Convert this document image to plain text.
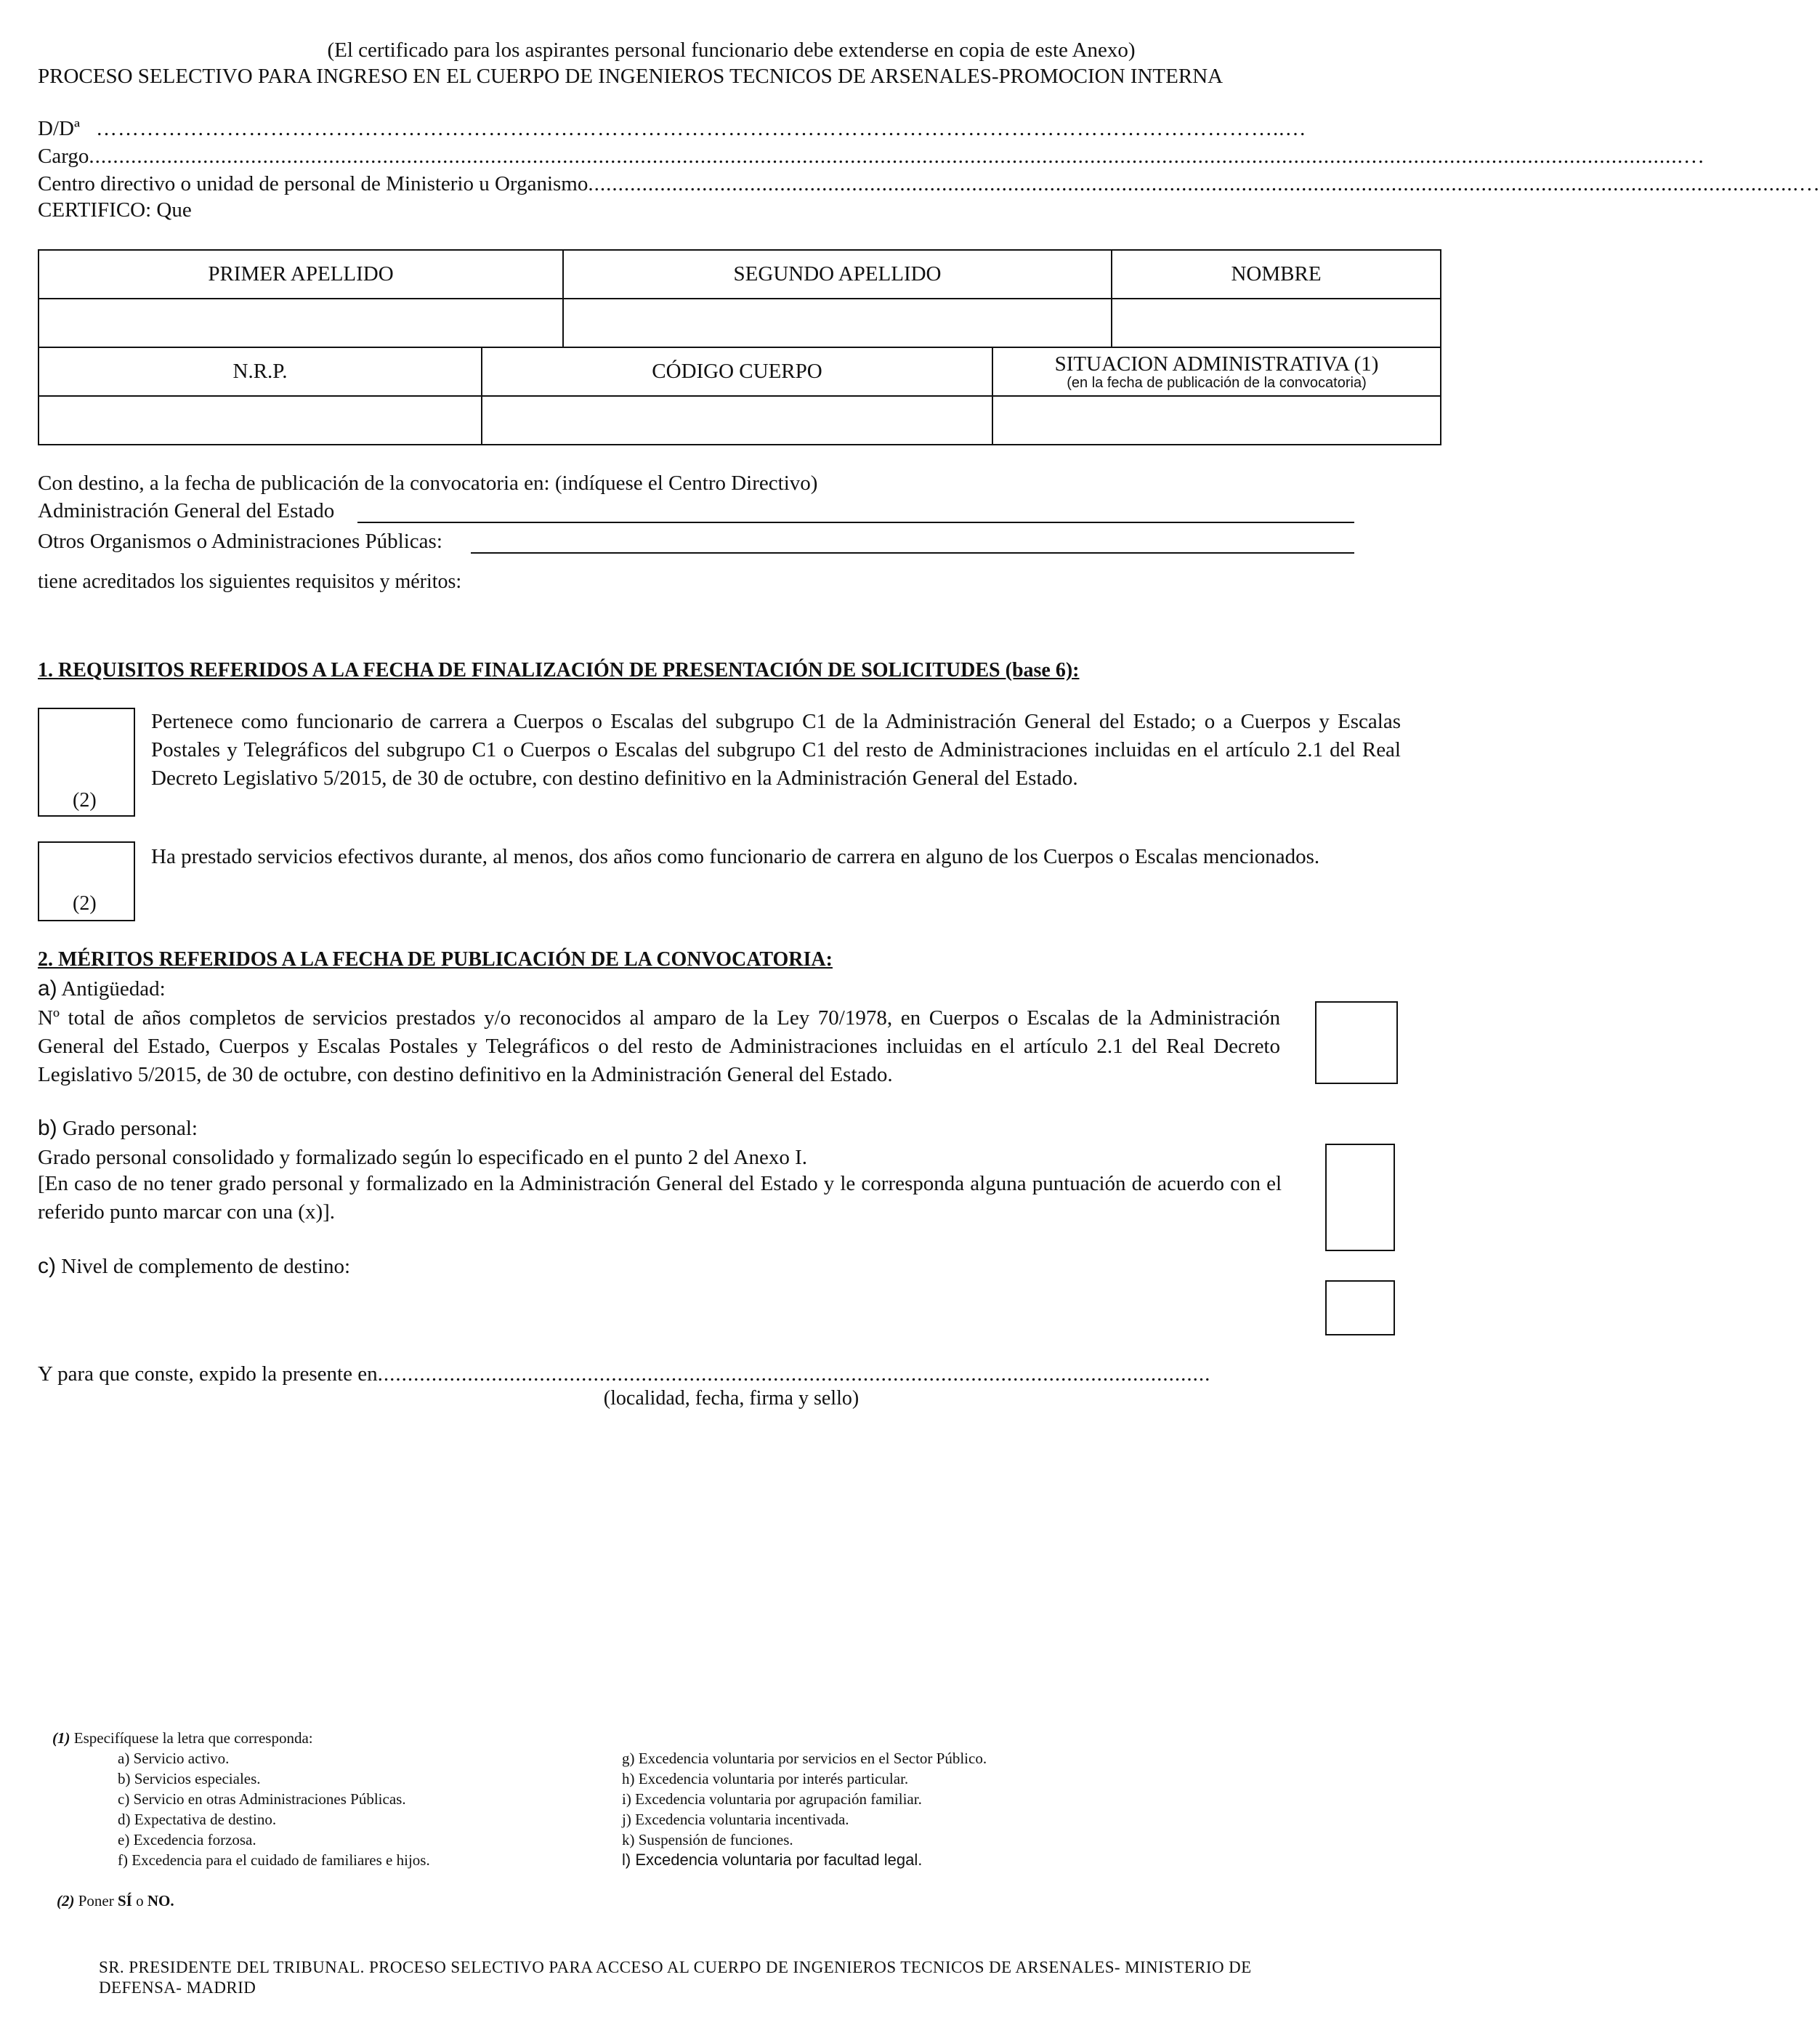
(El certificado para los aspirantes personal funcionario debe extenderse en copia de este Anexo)
PROCESO SELECTIVO PARA INGRESO EN EL CUERPO DE INGENIEROS TECNICOS DE ARSENALES-PROMOCION INTERNA
D/Dª ………………………………………………………………………………………………………………………………………………..…
Cargo .......................................................................................................................................................................................................................................................................... …
Centro directivo o unidad de personal de Ministerio u Organismo .......................................................................................................................................................................................................... …
CERTIFICO: Que
PRIMER APELLIDO		SEGUNDO APELLIDO		NOMBRE

N.R.P.	CÓDIGO CUERPO		SITUACION ADMINISTRATIVA (1)
(en la fecha de publicación de la convocatoria)	

Con destino, a la fecha de publicación de la convocatoria en: (indíquese el Centro Directivo)
Administración General del Estado
Otros Organismos o Administraciones Públicas:
tiene acreditados los siguientes requisitos y méritos:
1. REQUISITOS REFERIDOS A LA FECHA DE FINALIZACIÓN DE PRESENTACIÓN DE SOLICITUDES (base 6):
(2)
Pertenece como funcionario de carrera a Cuerpos o Escalas del subgrupo C1 de la Administración General del Estado; o a Cuerpos y Escalas Postales y Telegráficos del subgrupo C1 o Cuerpos o Escalas del subgrupo C1 del resto de Administraciones incluidas en el artículo 2.1 del Real Decreto Legislativo 5/2015, de 30 de octubre, con destino definitivo en la Administración General del Estado.
(2)
Ha prestado servicios efectivos durante, al menos, dos años como funcionario de carrera en alguno de los Cuerpos o Escalas mencionados.
2. MÉRITOS REFERIDOS A LA FECHA DE PUBLICACIÓN DE LA CONVOCATORIA:
a) Antigüedad:
Nº total de años completos de servicios prestados y/o reconocidos al amparo de la Ley 70/1978, en Cuerpos o Escalas de la Administración General del Estado, Cuerpos y Escalas Postales y Telegráficos o del resto de Administraciones incluidas en el artículo 2.1 del Real Decreto Legislativo 5/2015, de 30 de octubre, con destino definitivo en la Administración General del Estado.
b) Grado personal:
Grado personal consolidado y formalizado según lo especificado en el punto 2 del Anexo I.
[En caso de no tener grado personal y formalizado en la Administración General del Estado y le corresponda alguna puntuación de acuerdo con el referido punto marcar con una (x)].
c) Nivel de complemento de destino:
Y para que conste, expido la presente en ...........................................................................................................................................
(localidad, fecha, firma y sello)
(1) Especifíquese la letra que corresponda:
a) Servicio activo.
b) Servicios especiales.
c) Servicio en otras Administraciones Públicas.
d) Expectativa de destino.
e) Excedencia forzosa.
f) Excedencia para el cuidado de familiares e hijos.
g) Excedencia voluntaria por servicios en el Sector Público.
h) Excedencia voluntaria por interés particular.
i) Excedencia voluntaria por agrupación familiar.
j) Excedencia voluntaria incentivada.
k) Suspensión de funciones.
l) Excedencia voluntaria por facultad legal.
(2) Poner SÍ o NO.
SR. PRESIDENTE DEL TRIBUNAL. PROCESO SELECTIVO PARA ACCESO AL CUERPO DE INGENIEROS TECNICOS DE ARSENALES- MINISTERIO DE
DEFENSA- MADRID
